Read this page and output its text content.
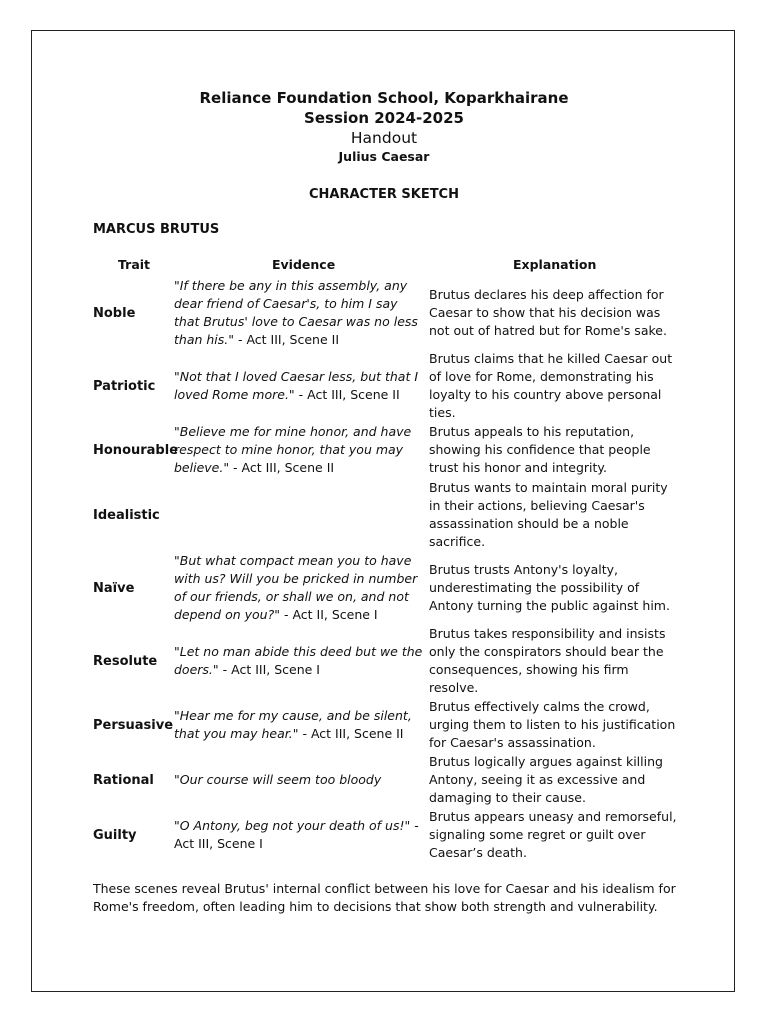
Reliance Foundation School, Koparkhairane

Session 2024-2025

Handout

Julius Caesar

CHARACTER SKETCH
MARCUS BRUTUS
Trait	Evidence	Explanation
Noble
"If there be any in this assembly, any dear friend of Caesar's, to him I say that Brutus' love to Caesar was no less than his." - Act III, Scene II
Brutus declares his deep affection for Caesar to show that his decision was not out of hatred but for Rome's sake.
Patriotic
"Not that I loved Caesar less, but that I loved Rome more." - Act III, Scene II
Brutus claims that he killed Caesar out of love for Rome, demonstrating his loyalty to his country above personal ties.
Honourable
"Believe me for mine honor, and have respect to mine honor, that you may believe." - Act III, Scene II
Brutus appeals to his reputation, showing his confidence that people trust his honor and integrity.
Idealistic
Brutus wants to maintain moral purity in their actions, believing Caesar's assassination should be a noble sacrifice.
Naïve
"But what compact mean you to have with us? Will you be pricked in number of our friends, or shall we on, and not depend on you?" - Act II, Scene I
Brutus trusts Antony's loyalty, underestimating the possibility of Antony turning the public against him.
Resolute
"Let no man abide this deed but we the doers." - Act III, Scene I
Brutus takes responsibility and insists only the conspirators should bear the consequences, showing his firm resolve.
Persuasive
"Hear me for my cause, and be silent, that you may hear." - Act III, Scene II
Brutus effectively calms the crowd, urging them to listen to his justification for Caesar's assassination.
Rational "Our course will seem too bloody
Brutus logically argues against killing Antony, seeing it as excessive and damaging to their cause.
Guilty
"O Antony, beg not your death of us!" - Act III, Scene I
Brutus appears uneasy and remorseful, signaling some regret or guilt over Caesar’s death.
These scenes reveal Brutus' internal conflict between his love for Caesar and his idealism for Rome's freedom, often leading him to decisions that show both strength and vulnerability.
